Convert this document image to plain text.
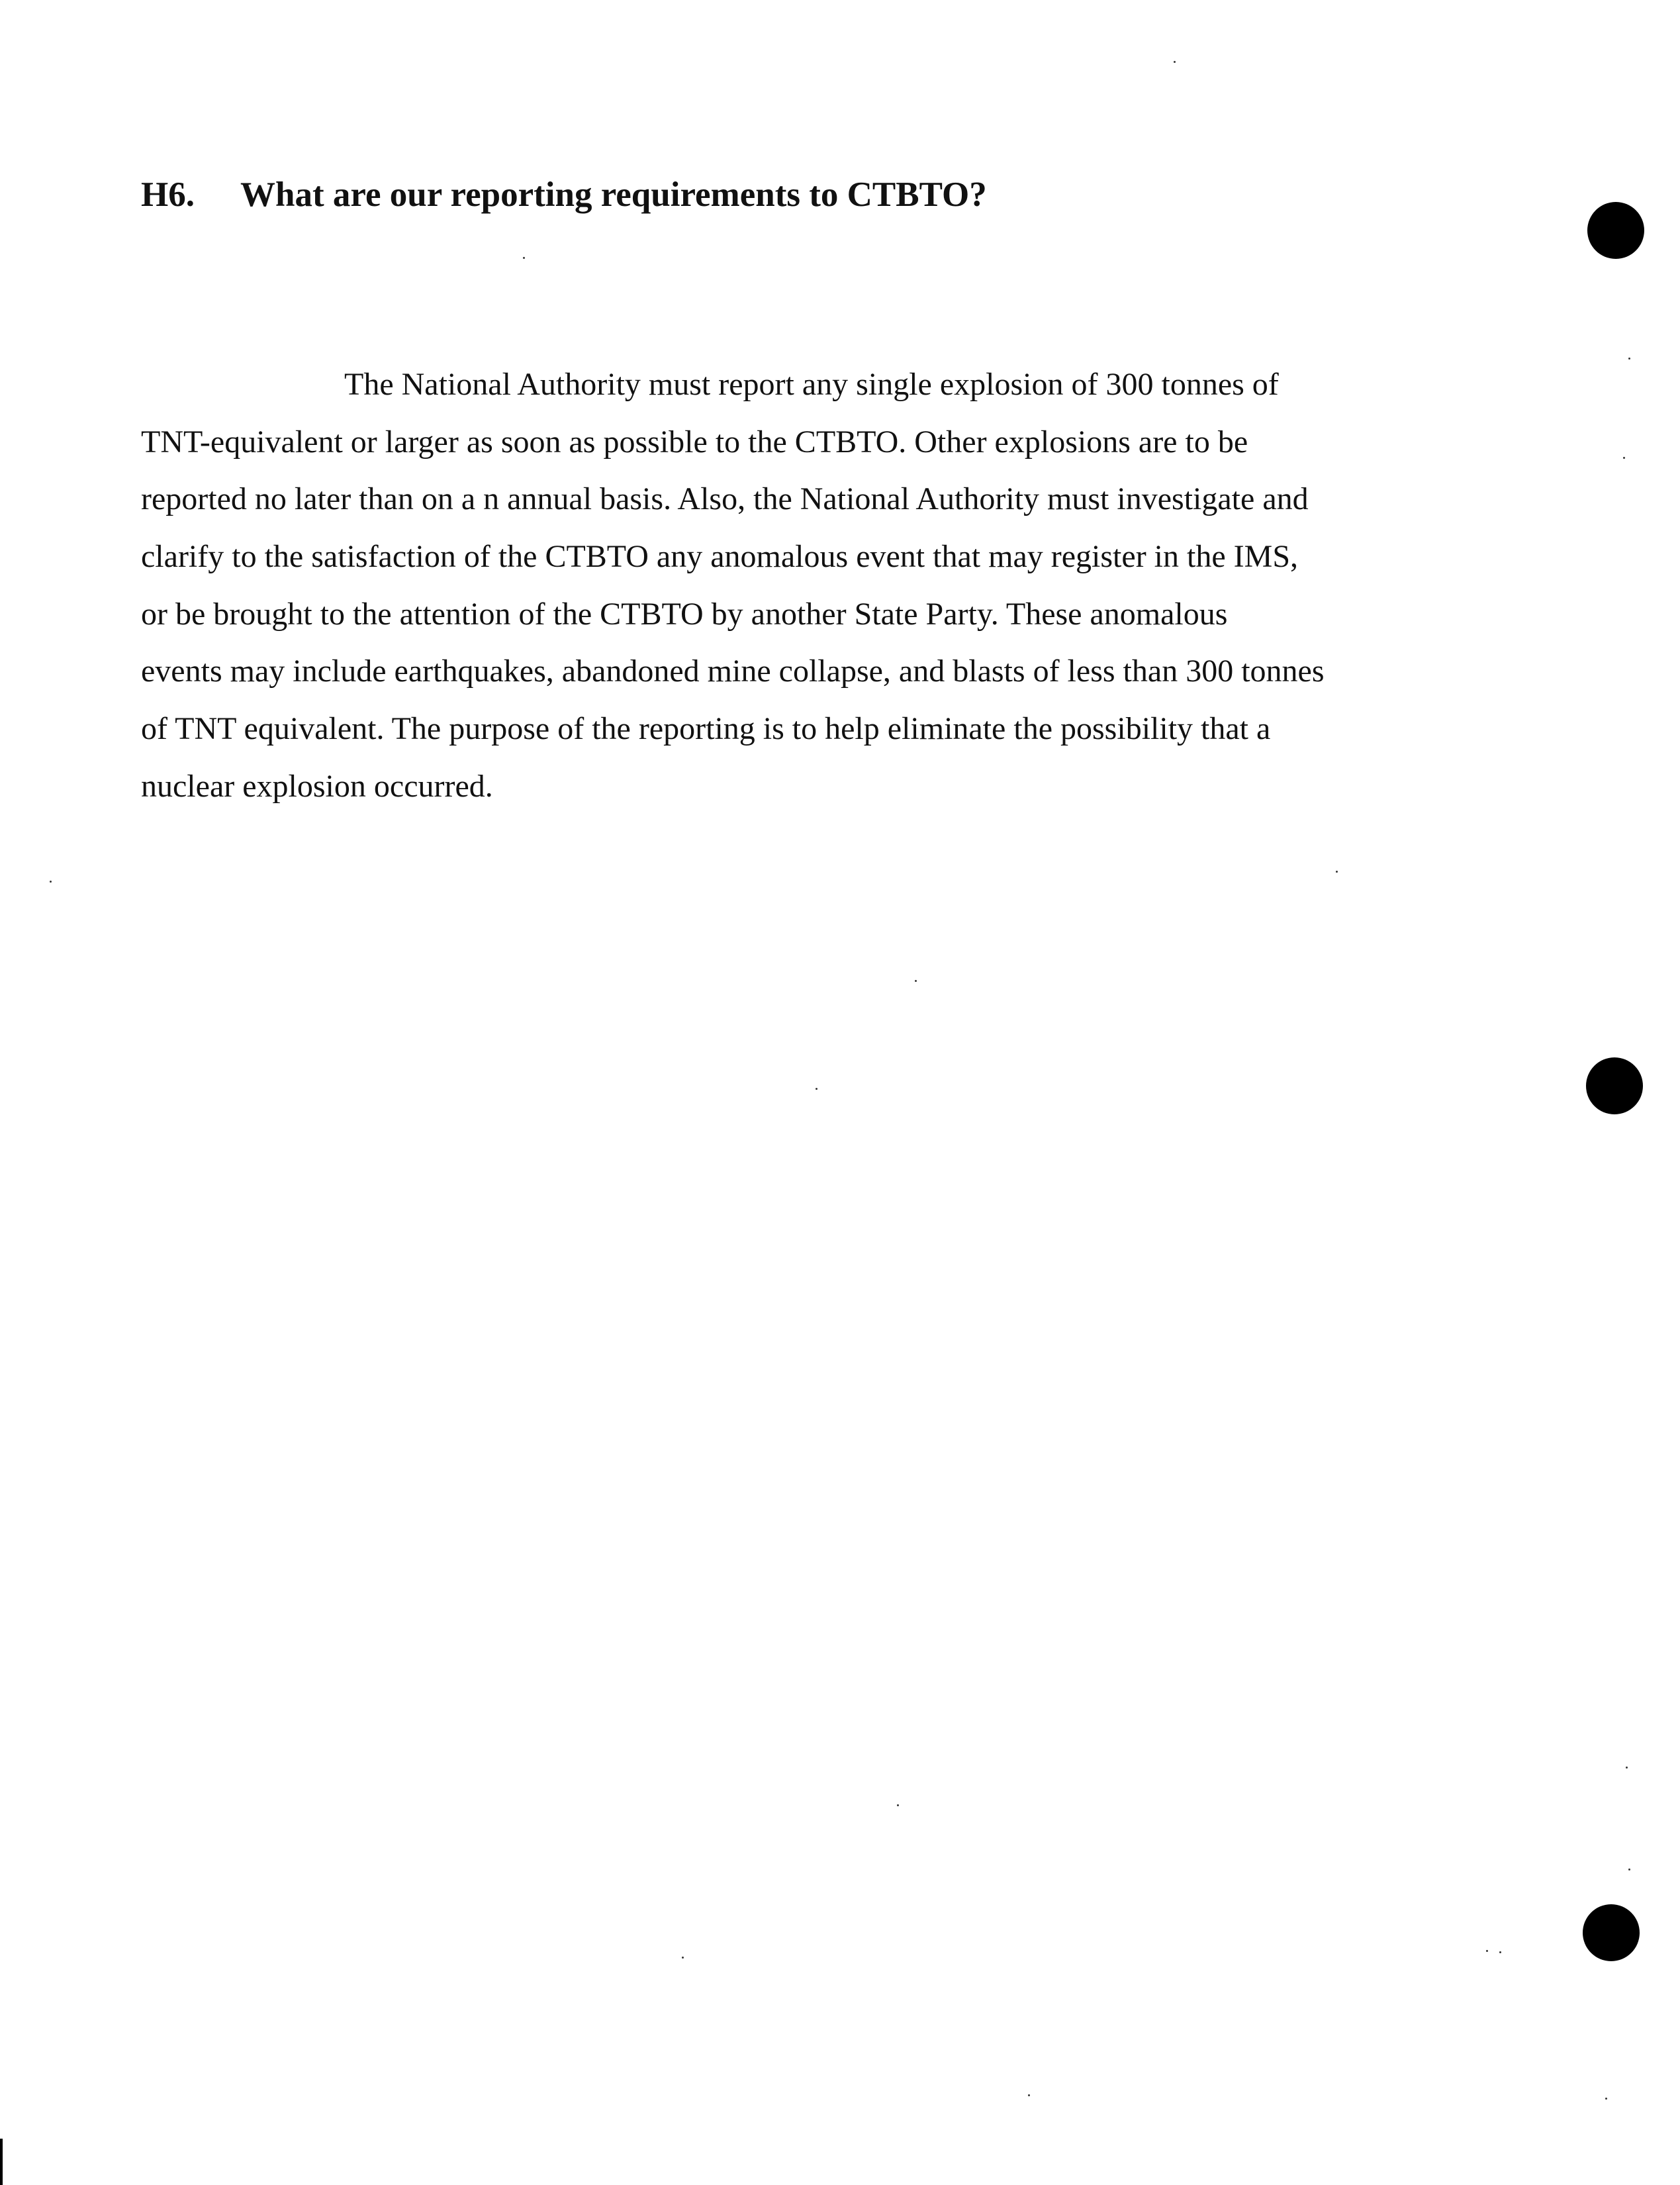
H6. What are our reporting requirements to CTBTO?
The National Authority must report any single explosion of 300 tonnes of
TNT-equivalent or larger as soon as possible to the CTBTO. Other explosions are to be
reported no later than on a n annual basis. Also, the National Authority must investigate and
clarify to the satisfaction of the CTBTO any anomalous event that may register in the IMS,
or be brought to the attention of the CTBTO by another State Party. These anomalous
events may include earthquakes, abandoned mine collapse, and blasts of less than 300 tonnes
of TNT equivalent. The purpose of the reporting is to help eliminate the possibility that a
nuclear explosion occurred.
